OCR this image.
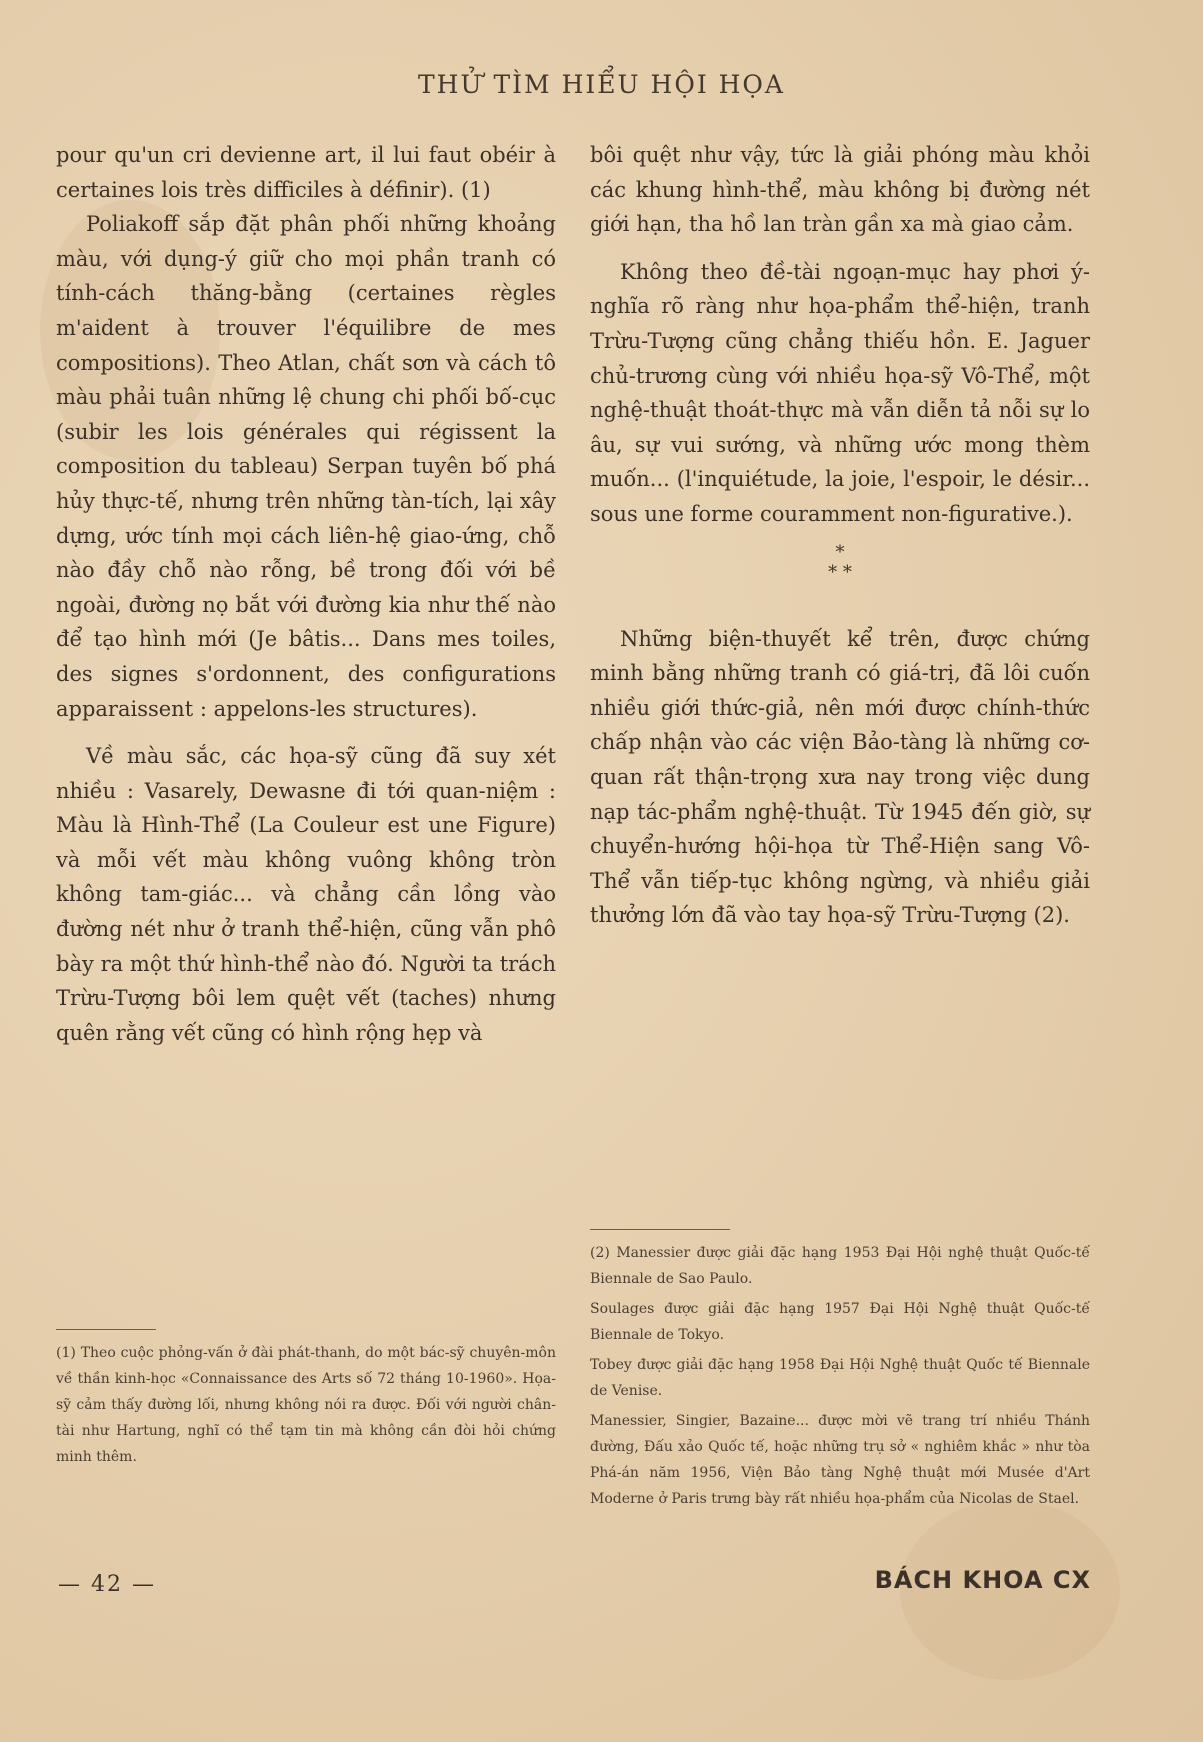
THỬ TÌM HIỂU HỘI HỌA

pour qu'un cri devienne art, il lui faut obéir à certaines lois très difficiles à définir). (1)

Poliakoff sắp đặt phân phối những khoảng màu, với dụng-ý giữ cho mọi phần tranh có tính-cách thăng-bằng (certaines règles m'aident à trouver l'équilibre de mes compositions). Theo Atlan, chất sơn và cách tô màu phải tuân những lệ chung chi phối bố-cục (subir les lois générales qui régissent la composition du tableau) Serpan tuyên bố phá hủy thực-tế, nhưng trên những tàn-tích, lại xây dựng, ước tính mọi cách liên-hệ giao-ứng, chỗ nào đầy chỗ nào rỗng, bề trong đối với bề ngoài, đường nọ bắt với đường kia như thế nào để tạo hình mới (Je bâtis... Dans mes toiles, des signes s'ordonnent, des configurations apparaissent : appelons-les structures).

Về màu sắc, các họa-sỹ cũng đã suy xét nhiều : Vasarely, Dewasne đi tới quan-niệm : Màu là Hình-Thể (La Couleur est une Figure) và mỗi vết màu không vuông không tròn không tam-giác... và chẳng cần lồng vào đường nét như ở tranh thể-hiện, cũng vẫn phô bày ra một thứ hình-thể nào đó. Người ta trách Trừu-Tượng bôi lem quệt vết (taches) nhưng quên rằng vết cũng có hình rộng hẹp và

(1) Theo cuộc phỏng-vấn ở đài phát-thanh, do một bác-sỹ chuyên-môn về thần kinh-học «Connaissance des Arts số 72 tháng 10-1960». Họa-sỹ cảm thấy đường lối, nhưng không nói ra được. Đối với người chân-tài như Hartung, nghĩ có thể tạm tin mà không cần đòi hỏi chứng minh thêm.

bôi quệt như vậy, tức là giải phóng màu khỏi các khung hình-thể, màu không bị đường nét giới hạn, tha hồ lan tràn gần xa mà giao cảm.

Không theo đề-tài ngoạn-mục hay phơi ý-nghĩa rõ ràng như họa-phẩm thể-hiện, tranh Trừu-Tượng cũng chẳng thiếu hồn. E. Jaguer chủ-trương cùng với nhiều họa-sỹ Vô-Thể, một nghệ-thuật thoát-thực mà vẫn diễn tả nỗi sự lo âu, sự vui sướng, và những ước mong thèm muốn... (l'inquiétude, la joie, l'espoir, le désir... sous une forme couramment non-figurative.).

*
* *

Những biện-thuyết kể trên, được chứng minh bằng những tranh có giá-trị, đã lôi cuốn nhiều giới thức-giả, nên mới được chính-thức chấp nhận vào các viện Bảo-tàng là những cơ-quan rất thận-trọng xưa nay trong việc dung nạp tác-phẩm nghệ-thuật. Từ 1945 đến giờ, sự chuyển-hướng hội-họa từ Thể-Hiện sang Vô-Thể vẫn tiếp-tục không ngừng, và nhiều giải thưởng lớn đã vào tay họa-sỹ Trừu-Tượng (2).

(2) Manessier được giải đặc hạng 1953 Đại Hội nghệ thuật Quốc-tế Biennale de Sao Paulo.

Soulages được giải đặc hạng 1957 Đại Hội Nghệ thuật Quốc-tế Biennale de Tokyo.

Tobey được giải đặc hạng 1958 Đại Hội Nghệ thuật Quốc tế Biennale de Venise.

Manessier, Singier, Bazaine... được mời vẽ trang trí nhiều Thánh đường, Đấu xảo Quốc tế, hoặc những trụ sở « nghiêm khắc » như tòa Phá-án năm 1956, Viện Bảo tàng Nghệ thuật mới Musée d'Art Moderne ở Paris trưng bày rất nhiều họa-phẩm của Nicolas de Stael.

— 42 —	BÁCH KHOA CX
